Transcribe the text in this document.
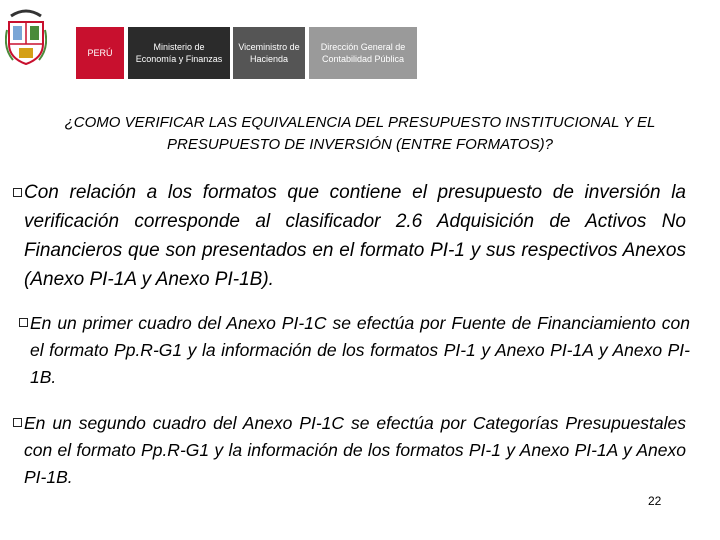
PERÚ
Ministerio de Economía y Finanzas
Viceministro de Hacienda
Dirección General de Contabilidad Pública
¿COMO VERIFICAR LAS EQUIVALENCIA DEL PRESUPUESTO INSTITUCIONAL Y EL PRESUPUESTO DE INVERSIÓN (ENTRE FORMATOS)?
Con relación a los formatos que contiene el presupuesto de inversión la verificación corresponde al clasificador 2.6 Adquisición de Activos No Financieros que son presentados en el formato PI-1 y sus respectivos Anexos (Anexo PI-1A y Anexo PI-1B).
En un primer cuadro del Anexo PI-1C se efectúa por Fuente de Financiamiento con el formato Pp.R-G1 y la información de los formatos PI-1 y Anexo PI-1A y Anexo PI-1B.
En un segundo cuadro del Anexo PI-1C se efectúa por Categorías Presupuestales con el formato Pp.R-G1 y la información de los formatos PI-1 y Anexo PI-1A y Anexo PI-1B.
22
